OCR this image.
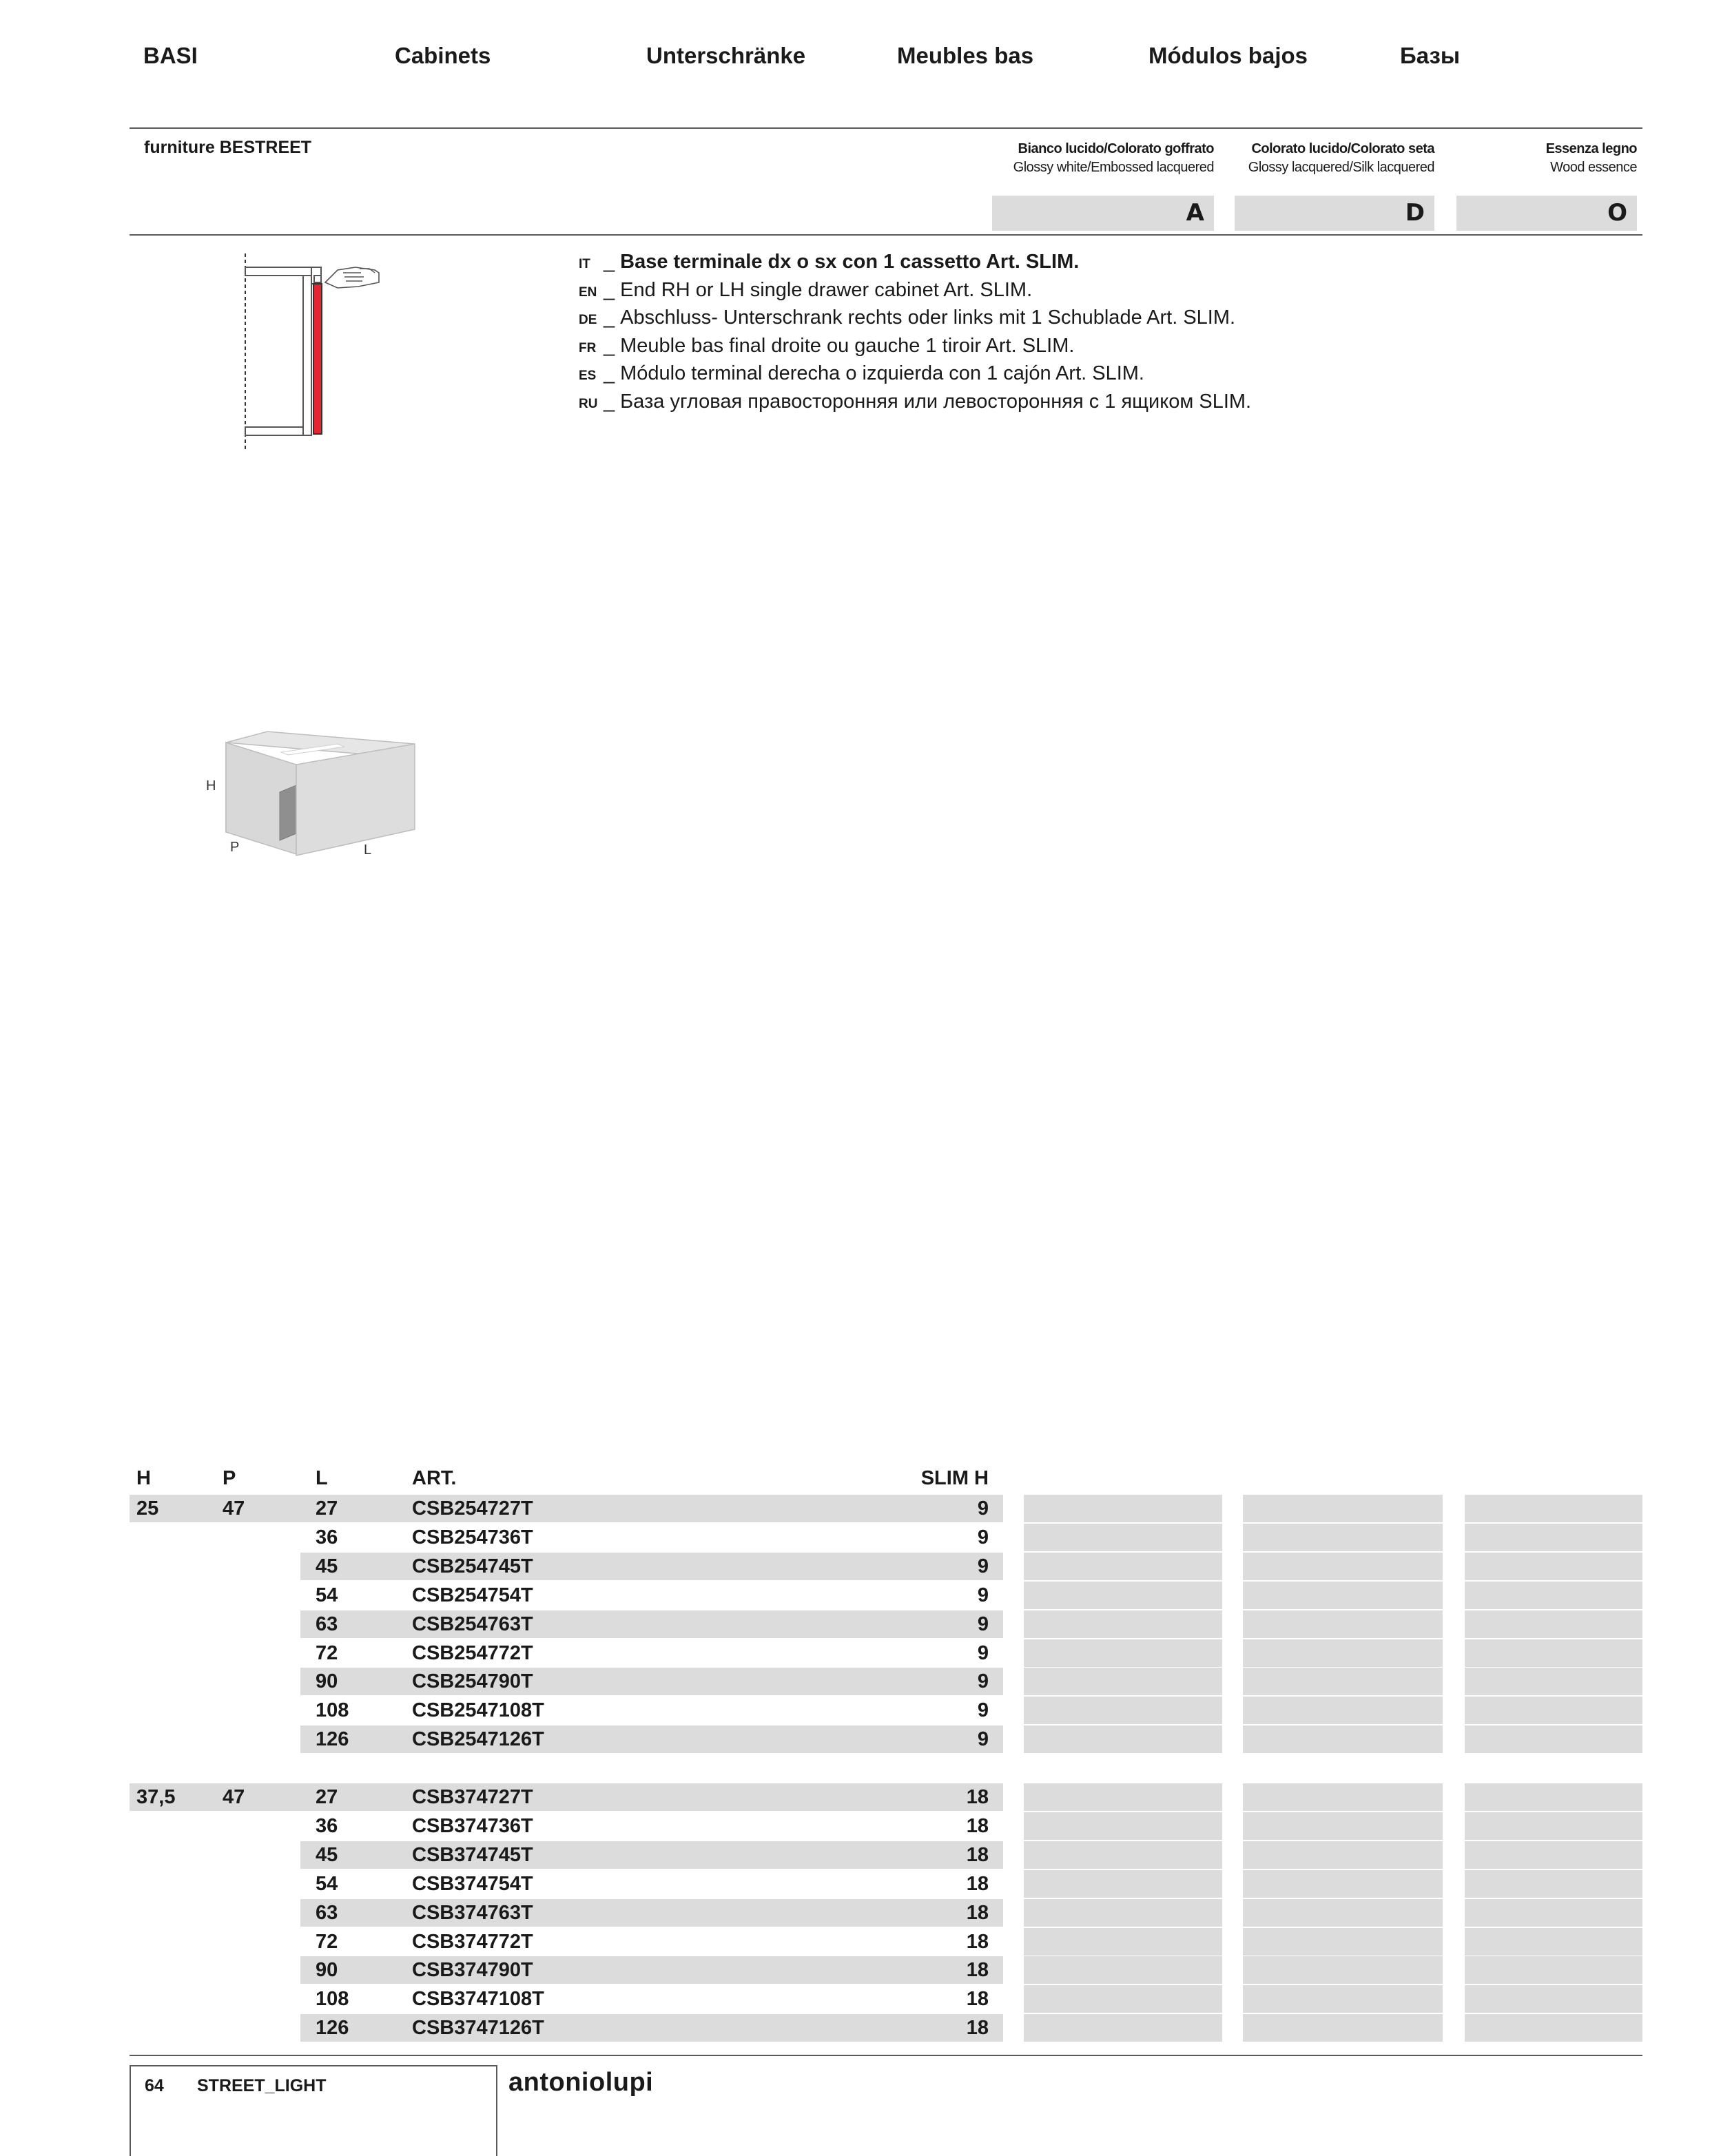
BASI	Cabinets	Unterschränke	Meubles bas	Módulos bajos	Базы
furniture BESTREET	Bianco lucido/Colorato goffrato
Glossy white/Embossed lacquered
Colorato lucido/Colorato seta
Glossy lacquered/Silk lacquered
Essenza legno
Wood essence
A	D	O
IT _ Base terminale dx o sx con 1 cassetto Art. SLIM.
EN _ End RH or LH single drawer cabinet Art. SLIM.
DE _ Abschluss- Unterschrank rechts oder links mit 1 Schublade Art. SLIM.
FR _ Meuble bas final droite ou gauche 1 tiroir Art. SLIM.
ES _ Módulo terminal derecha o izquierda con 1 cajón Art. SLIM.
RU _ База угловая правосторонняя или левосторонняя с 1 ящиком SLIM.
H
P	L
H	P	L	ART.	SLIM H
25	47	27	CSB254727T	9
36	CSB254736T	9
45	CSB254745T	9
54	CSB254754T	9
63	CSB254763T	9
72	CSB254772T	9
90	CSB254790T	9
108	CSB2547108T	9
126	CSB2547126T	9
37,5 47	27	CSB374727T	18
36	CSB374736T	18
45	CSB374745T	18
54	CSB374754T	18
63	CSB374763T	18
72	CSB374772T	18
90	CSB374790T	18
108	CSB3747108T	18
126	CSB3747126T	18
64 STREET_LIGHT	antoniolupi
